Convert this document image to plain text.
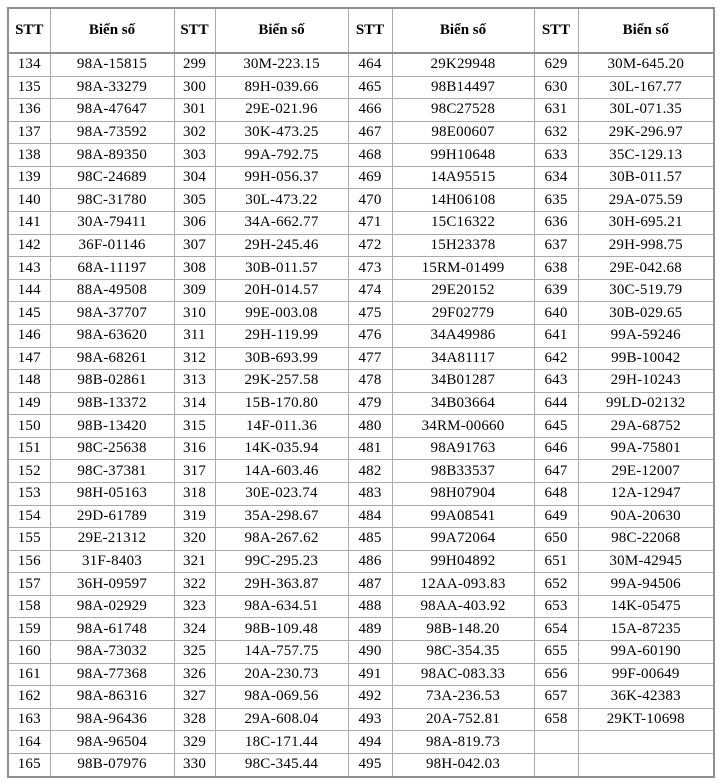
STT	Biển số	STT	Biển số	STT	Biển số	STT	Biển số
134	98A-15815	299	30M-223.15	464	29K29948	629	30M-645.20
135	98A-33279	300	89H-039.66	465	98B14497	630	30L-167.77
136	98A-47647	301	29E-021.96	466	98C27528	631	30L-071.35
137	98A-73592	302	30K-473.25	467	98E00607	632	29K-296.97
138	98A-89350	303	99A-792.75	468	99H10648	633	35C-129.13
139	98C-24689	304	99H-056.37	469	14A95515	634	30B-011.57
140	98C-31780	305	30L-473.22	470	14H06108	635	29A-075.59
141	30A-79411	306	34A-662.77	471	15C16322	636	30H-695.21
142	36F-01146	307	29H-245.46	472	15H23378	637	29H-998.75
143	68A-11197	308	30B-011.57	473	15RM-01499	638	29E-042.68
144	88A-49508	309	20H-014.57	474	29E20152	639	30C-519.79
145	98A-37707	310	99E-003.08	475	29F02779	640	30B-029.65
146	98A-63620	311	29H-119.99	476	34A49986	641	99A-59246
147	98A-68261	312	30B-693.99	477	34A81117	642	99B-10042
148	98B-02861	313	29K-257.58	478	34B01287	643	29H-10243
149	98B-13372	314	15B-170.80	479	34B03664	644	99LD-02132
150	98B-13420	315	14F-011.36	480	34RM-00660	645	29A-68752
151	98C-25638	316	14K-035.94	481	98A91763	646	99A-75801
152	98C-37381	317	14A-603.46	482	98B33537	647	29E-12007
153	98H-05163	318	30E-023.74	483	98H07904	648	12A-12947
154	29D-61789	319	35A-298.67	484	99A08541	649	90A-20630
155	29E-21312	320	98A-267.62	485	99A72064	650	98C-22068
156	31F-8403	321	99C-295.23	486	99H04892	651	30M-42945
157	36H-09597	322	29H-363.87	487	12AA-093.83	652	99A-94506
158	98A-02929	323	98A-634.51	488	98AA-403.92	653	14K-05475
159	98A-61748	324	98B-109.48	489	98B-148.20	654	15A-87235
160	98A-73032	325	14A-757.75	490	98C-354.35	655	99A-60190
161	98A-77368	326	20A-230.73	491	98AC-083.33	656	99F-00649
162	98A-86316	327	98A-069.56	492	73A-236.53	657	36K-42383
163	98A-96436	328	29A-608.04	493	20A-752.81	658	29KT-10698
164	98A-96504	329	18C-171.44	494	98A-819.73		
165	98B-07976	330	98C-345.44	495	98H-042.03		
